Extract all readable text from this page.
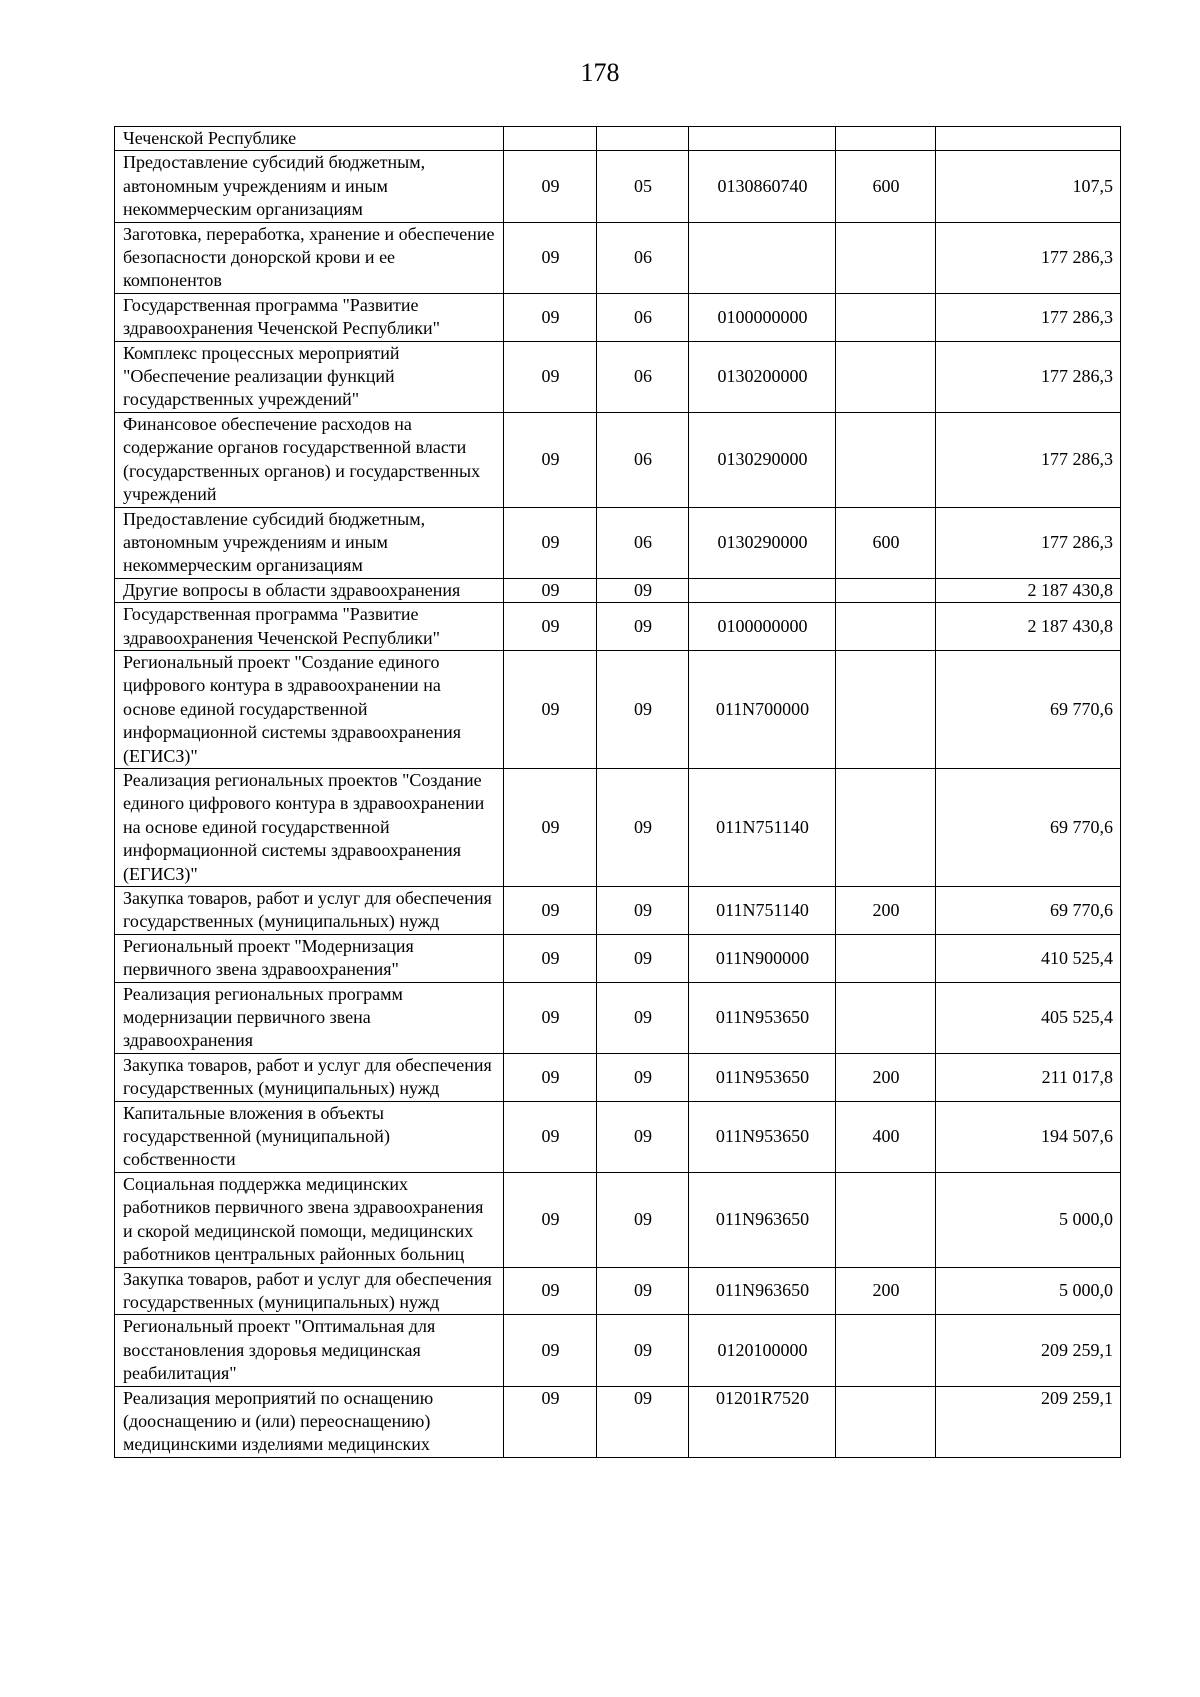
178
Чеченской Республике					
Предоставление субсидий бюджетным, автономным учреждениям и иным некоммерческим организациям	09	05	0130860740	600	107,5
Заготовка, переработка, хранение и обеспечение безопасности донорской крови и ее компонентов	09	06			177 286,3
Государственная программа "Развитие здравоохранения Чеченской Республики"	09	06	0100000000		177 286,3
Комплекс процессных мероприятий "Обеспечение реализации функций государственных учреждений"	09	06	0130200000		177 286,3
Финансовое обеспечение расходов на содержание органов государственной власти (государственных органов) и государственных учреждений	09	06	0130290000		177 286,3
Предоставление субсидий бюджетным, автономным учреждениям и иным некоммерческим организациям	09	06	0130290000	600	177 286,3
Другие вопросы в области здравоохранения	09	09			2 187 430,8
Государственная программа "Развитие здравоохранения Чеченской Республики"	09	09	0100000000		2 187 430,8
Региональный проект "Создание единого цифрового контура в здравоохранении на основе единой государственной информационной системы здравоохранения (ЕГИСЗ)"	09	09	011N700000		69 770,6
Реализация региональных проектов "Создание единого цифрового контура в здравоохранении на основе единой государственной информационной системы здравоохранения (ЕГИСЗ)"	09	09	011N751140		69 770,6
Закупка товаров, работ и услуг для обеспечения государственных (муниципальных) нужд	09	09	011N751140	200	69 770,6
Региональный проект "Модернизация первичного звена здравоохранения"	09	09	011N900000		410 525,4
Реализация региональных программ модернизации первичного звена здравоохранения	09	09	011N953650		405 525,4
Закупка товаров, работ и услуг для обеспечения государственных (муниципальных) нужд	09	09	011N953650	200	211 017,8
Капитальные вложения в объекты государственной (муниципальной) собственности	09	09	011N953650	400	194 507,6
Социальная поддержка медицинских работников первичного звена здравоохранения и скорой медицинской помощи, медицинских работников центральных районных больниц	09	09	011N963650		5 000,0
Закупка товаров, работ и услуг для обеспечения государственных (муниципальных) нужд	09	09	011N963650	200	5 000,0
Региональный проект "Оптимальная для восстановления здоровья медицинская реабилитация"	09	09	0120100000		209 259,1
Реализация мероприятий по оснащению (дооснащению и (или) переоснащению) медицинскими изделиями медицинских	09	09	01201R7520		209 259,1
